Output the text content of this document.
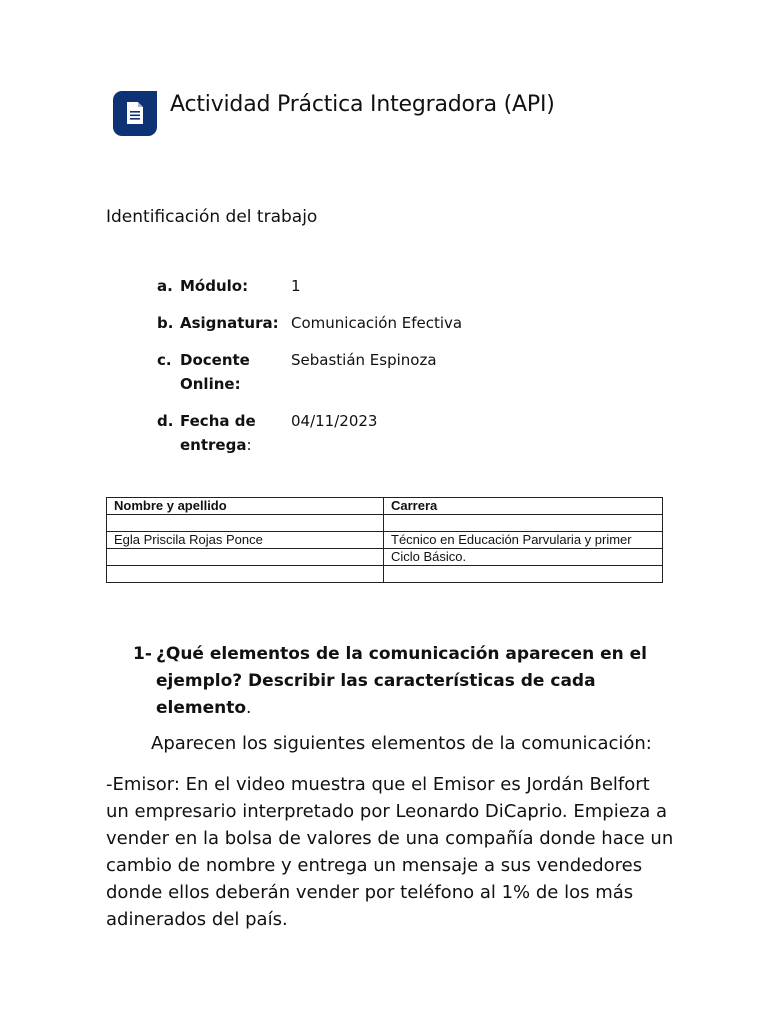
Actividad Práctica Integradora (API)
Identificación del trabajo
a. Módulo:	1
b. Asignatura: Comunicación Efectiva
c. Docente Online:
Sebastián Espinoza
d. Fecha de entrega:
04/11/2023
Nombre y apellido	Carrera

Egla Priscila Rojas Ponce	Técnico en Educación Parvularia y primer
	Ciclo Básico.

1- ¿Qué elementos de la comunicación aparecen en el ejemplo? Describir las características de cada elemento.
Aparecen los siguientes elementos de la comunicación:
-Emisor: En el video muestra que el Emisor es Jordán Belfort un empresario interpretado por Leonardo DiCaprio. Empieza a vender en la bolsa de valores de una compañía donde hace un cambio de nombre y entrega un mensaje a sus vendedores donde ellos deberán vender por teléfono al 1% de los más adinerados del país.
